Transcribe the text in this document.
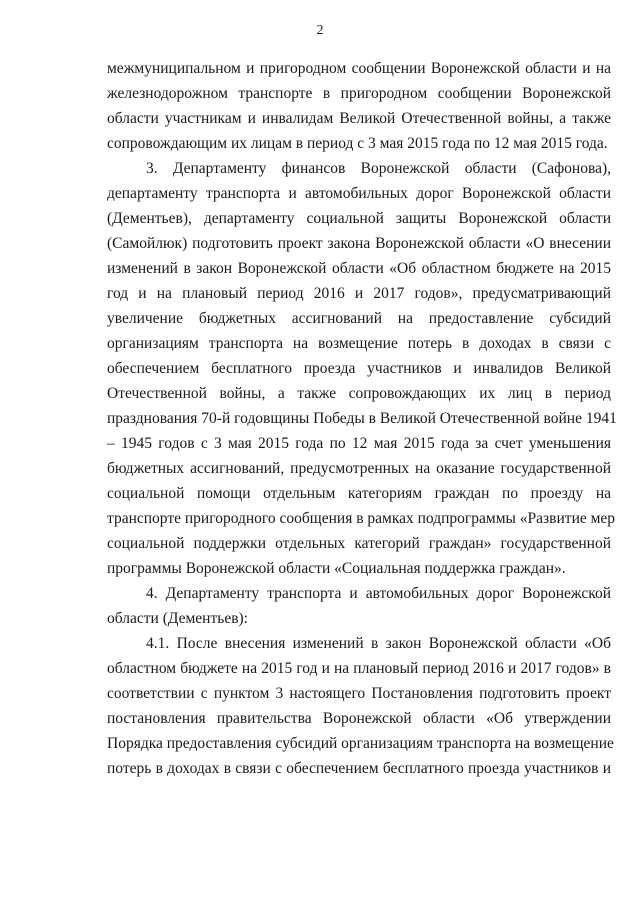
2
межмуниципальном и пригородном сообщении Воронежской области и на
железнодорожном транспорте в пригородном сообщении Воронежской
области участникам и инвалидам Великой Отечественной войны, а также
сопровождающим их лицам в период с 3 мая 2015 года по 12 мая 2015 года.
3. Департаменту финансов Воронежской области (Сафонова),
департаменту транспорта и автомобильных дорог Воронежской области
(Дементьев), департаменту социальной защиты Воронежской области
(Самойлюк) подготовить проект закона Воронежской области «О внесении
изменений в закон Воронежской области «Об областном бюджете на 2015
год и на плановый период 2016 и 2017 годов», предусматривающий
увеличение бюджетных ассигнований на предоставление субсидий
организациям транспорта на возмещение потерь в доходах в связи с
обеспечением бесплатного проезда участников и инвалидов Великой
Отечественной войны, а также сопровождающих их лиц в период
празднования 70-й годовщины Победы в Великой Отечественной войне 1941
– 1945 годов с 3 мая 2015 года по 12 мая 2015 года за счет уменьшения
бюджетных ассигнований, предусмотренных на оказание государственной
социальной помощи отдельным категориям граждан по проезду на
транспорте пригородного сообщения в рамках подпрограммы «Развитие мер
социальной поддержки отдельных категорий граждан» государственной
программы Воронежской области «Социальная поддержка граждан».
4. Департаменту транспорта и автомобильных дорог Воронежской
области (Дементьев):
4.1. После внесения изменений в закон Воронежской области «Об
областном бюджете на 2015 год и на плановый период 2016 и 2017 годов» в
соответствии с пунктом 3 настоящего Постановления подготовить проект
постановления правительства Воронежской области «Об утверждении
Порядка предоставления субсидий организациям транспорта на возмещение
потерь в доходах в связи с обеспечением бесплатного проезда участников и
